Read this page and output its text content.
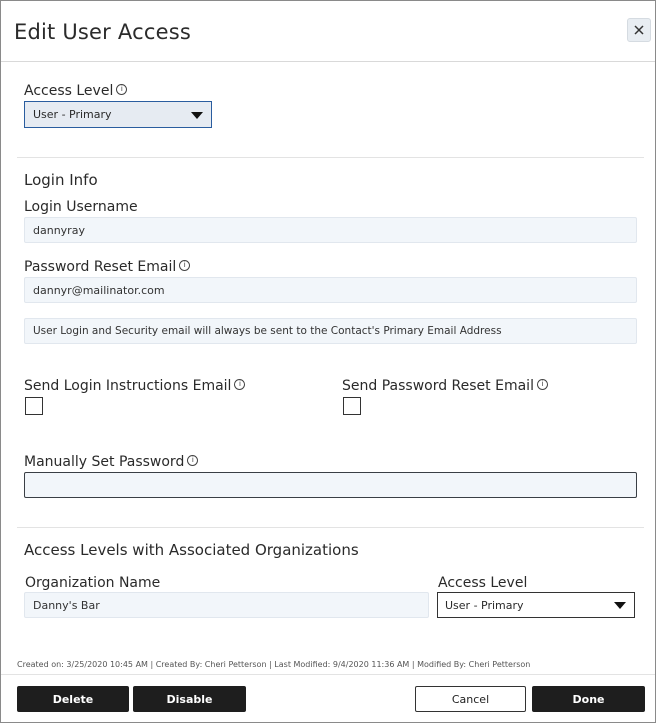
Edit User Access
Access Level	i
User - Primary
Login Info
Login Username
dannyray
Password Reset Email	i
dannyr@mailinator.com
User Login and Security email will always be sent to the Contact's Primary Email Address
Send Login Instructions Email	i	Send Password Reset Email	i
Manually Set Password	i
Access Levels with Associated Organizations
Organization Name	Access Level
Danny's Bar	User - Primary
Created on: 3/25/2020 10:45 AM | Created By: Cheri Petterson | Last Modified: 9/4/2020 11:36 AM | Modified By: Cheri Petterson
Delete	Disable	Cancel	Done
